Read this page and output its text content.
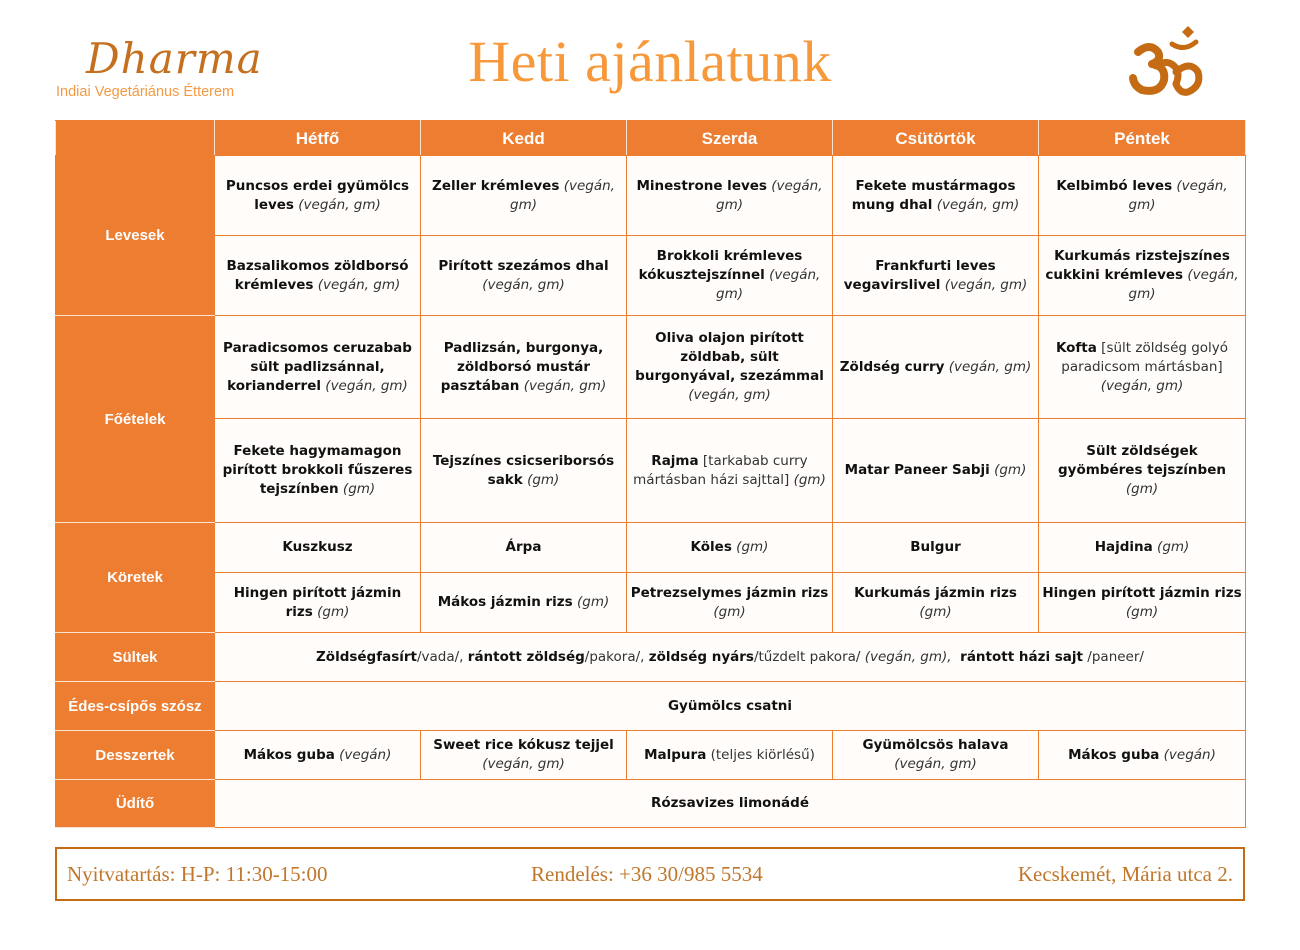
Dharma
Indiai Vegetáriánus Étterem	Heti ajánlatunk
	Hétfő	Kedd	Szerda	Csütörtök	Péntek
Levesek	Puncsos erdei gyümölcs leves (vegán, gm)	Zeller krémleves (vegán, gm)	Minestrone leves (vegán, gm)	Fekete mustármagos mung dhal (vegán, gm)	Kelbimbó leves (vegán, gm)
	Bazsalikomos zöldborsó krémleves (vegán, gm)	Pirított szezámos dhal (vegán, gm)	Brokkoli krémleves kókusztejszínnel (vegán, gm)	Frankfurti leves vegavirslivel (vegán, gm)	Kurkumás rizstejszínes cukkini krémleves (vegán, gm)
Főételek	Paradicsomos ceruzabab sült padlizsánnal, korianderrel (vegán, gm)	Padlizsán, burgonya, zöldborsó mustár pasztában (vegán, gm)	Oliva olajon pirított zöldbab, sült burgonyával, szezámmal (vegán, gm)	Zöldség curry (vegán, gm)	Kofta [sült zöldség golyó paradicsom mártásban] (vegán, gm)
	Fekete hagymamagon pirított brokkoli fűszeres tejszínben (gm)	Tejszínes csicseriborsós sakk (gm)	Rajma [tarkabab curry mártásban házi sajttal] (gm)	Matar Paneer Sabji (gm)	Sült zöldségek gyömbéres tejszínben (gm)
Köretek	Kuszkusz	Árpa	Köles (gm)	Bulgur	Hajdina (gm)
	Hingen pirított jázmin rizs (gm)	Mákos jázmin rizs (gm)	Petrezselymes jázmin rizs (gm)	Kurkumás jázmin rizs (gm)	Hingen pirított jázmin rizs (gm)
Sültek	Zöldségfasírt/vada/, rántott zöldség/pakora/, zöldség nyárs/tűzdelt pakora/ (vegán, gm),  rántott házi sajt /paneer/				
Édes-csípős szósz	Gyümölcs csatni				
Desszertek	Mákos guba (vegán)	Sweet rice kókusz tejjel (vegán, gm)	Malpura (teljes kiörlésű)	Gyümölcsös halava (vegán, gm)	Mákos guba (vegán)
Üdítő	Rózsavizes limonádé				
Nyitvatartás: H-P: 11:30-15:00	Rendelés: +36 30/985 5534	Kecskemét, Mária utca 2.
